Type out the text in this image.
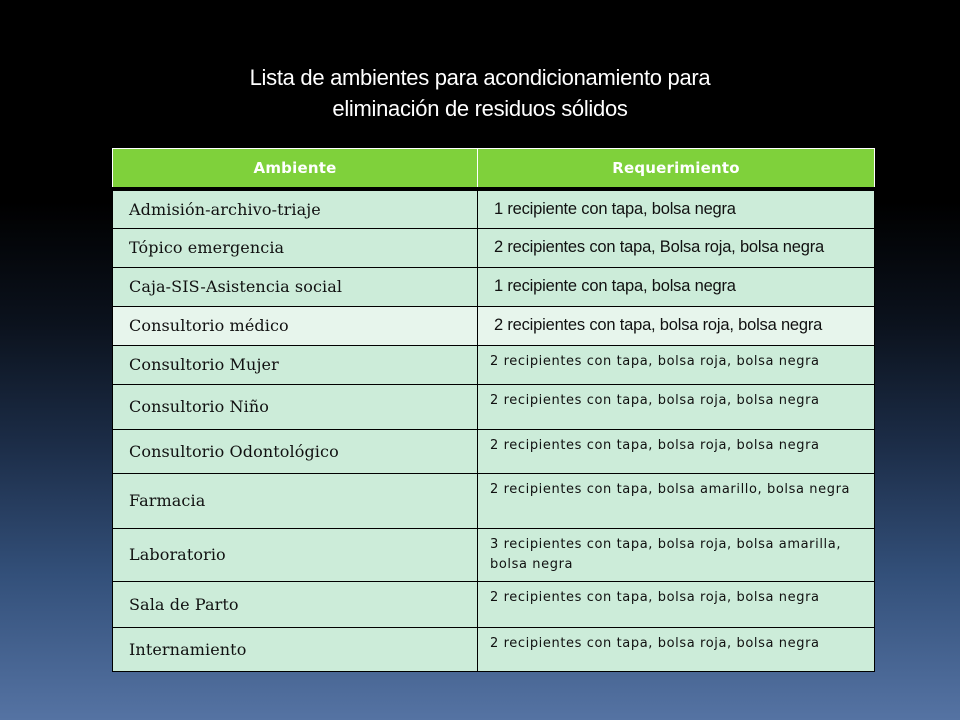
Lista de ambientes para acondicionamiento para
eliminación de residuos sólidos
Ambiente	Requerimiento
Admisión-archivo-triaje	1 recipiente con tapa, bolsa negra
Tópico emergencia	2 recipientes con tapa, Bolsa roja, bolsa negra
Caja-SIS-Asistencia social	1 recipiente con tapa, bolsa negra
Consultorio médico	2 recipientes con tapa, bolsa roja, bolsa negra
Consultorio Mujer	2 recipientes con tapa, bolsa roja, bolsa negra

Consultorio Niño	2 recipientes con tapa, bolsa roja, bolsa negra

Consultorio Odontológico	2 recipientes con tapa, bolsa roja, bolsa negra

Farmacia	2 recipientes con tapa, bolsa amarillo, bolsa negra

Laboratorio	3 recipientes con tapa, bolsa roja, bolsa amarilla, bolsa negra

Sala de Parto	2 recipientes con tapa, bolsa roja, bolsa negra

Internamiento	2 recipientes con tapa, bolsa roja, bolsa negra
